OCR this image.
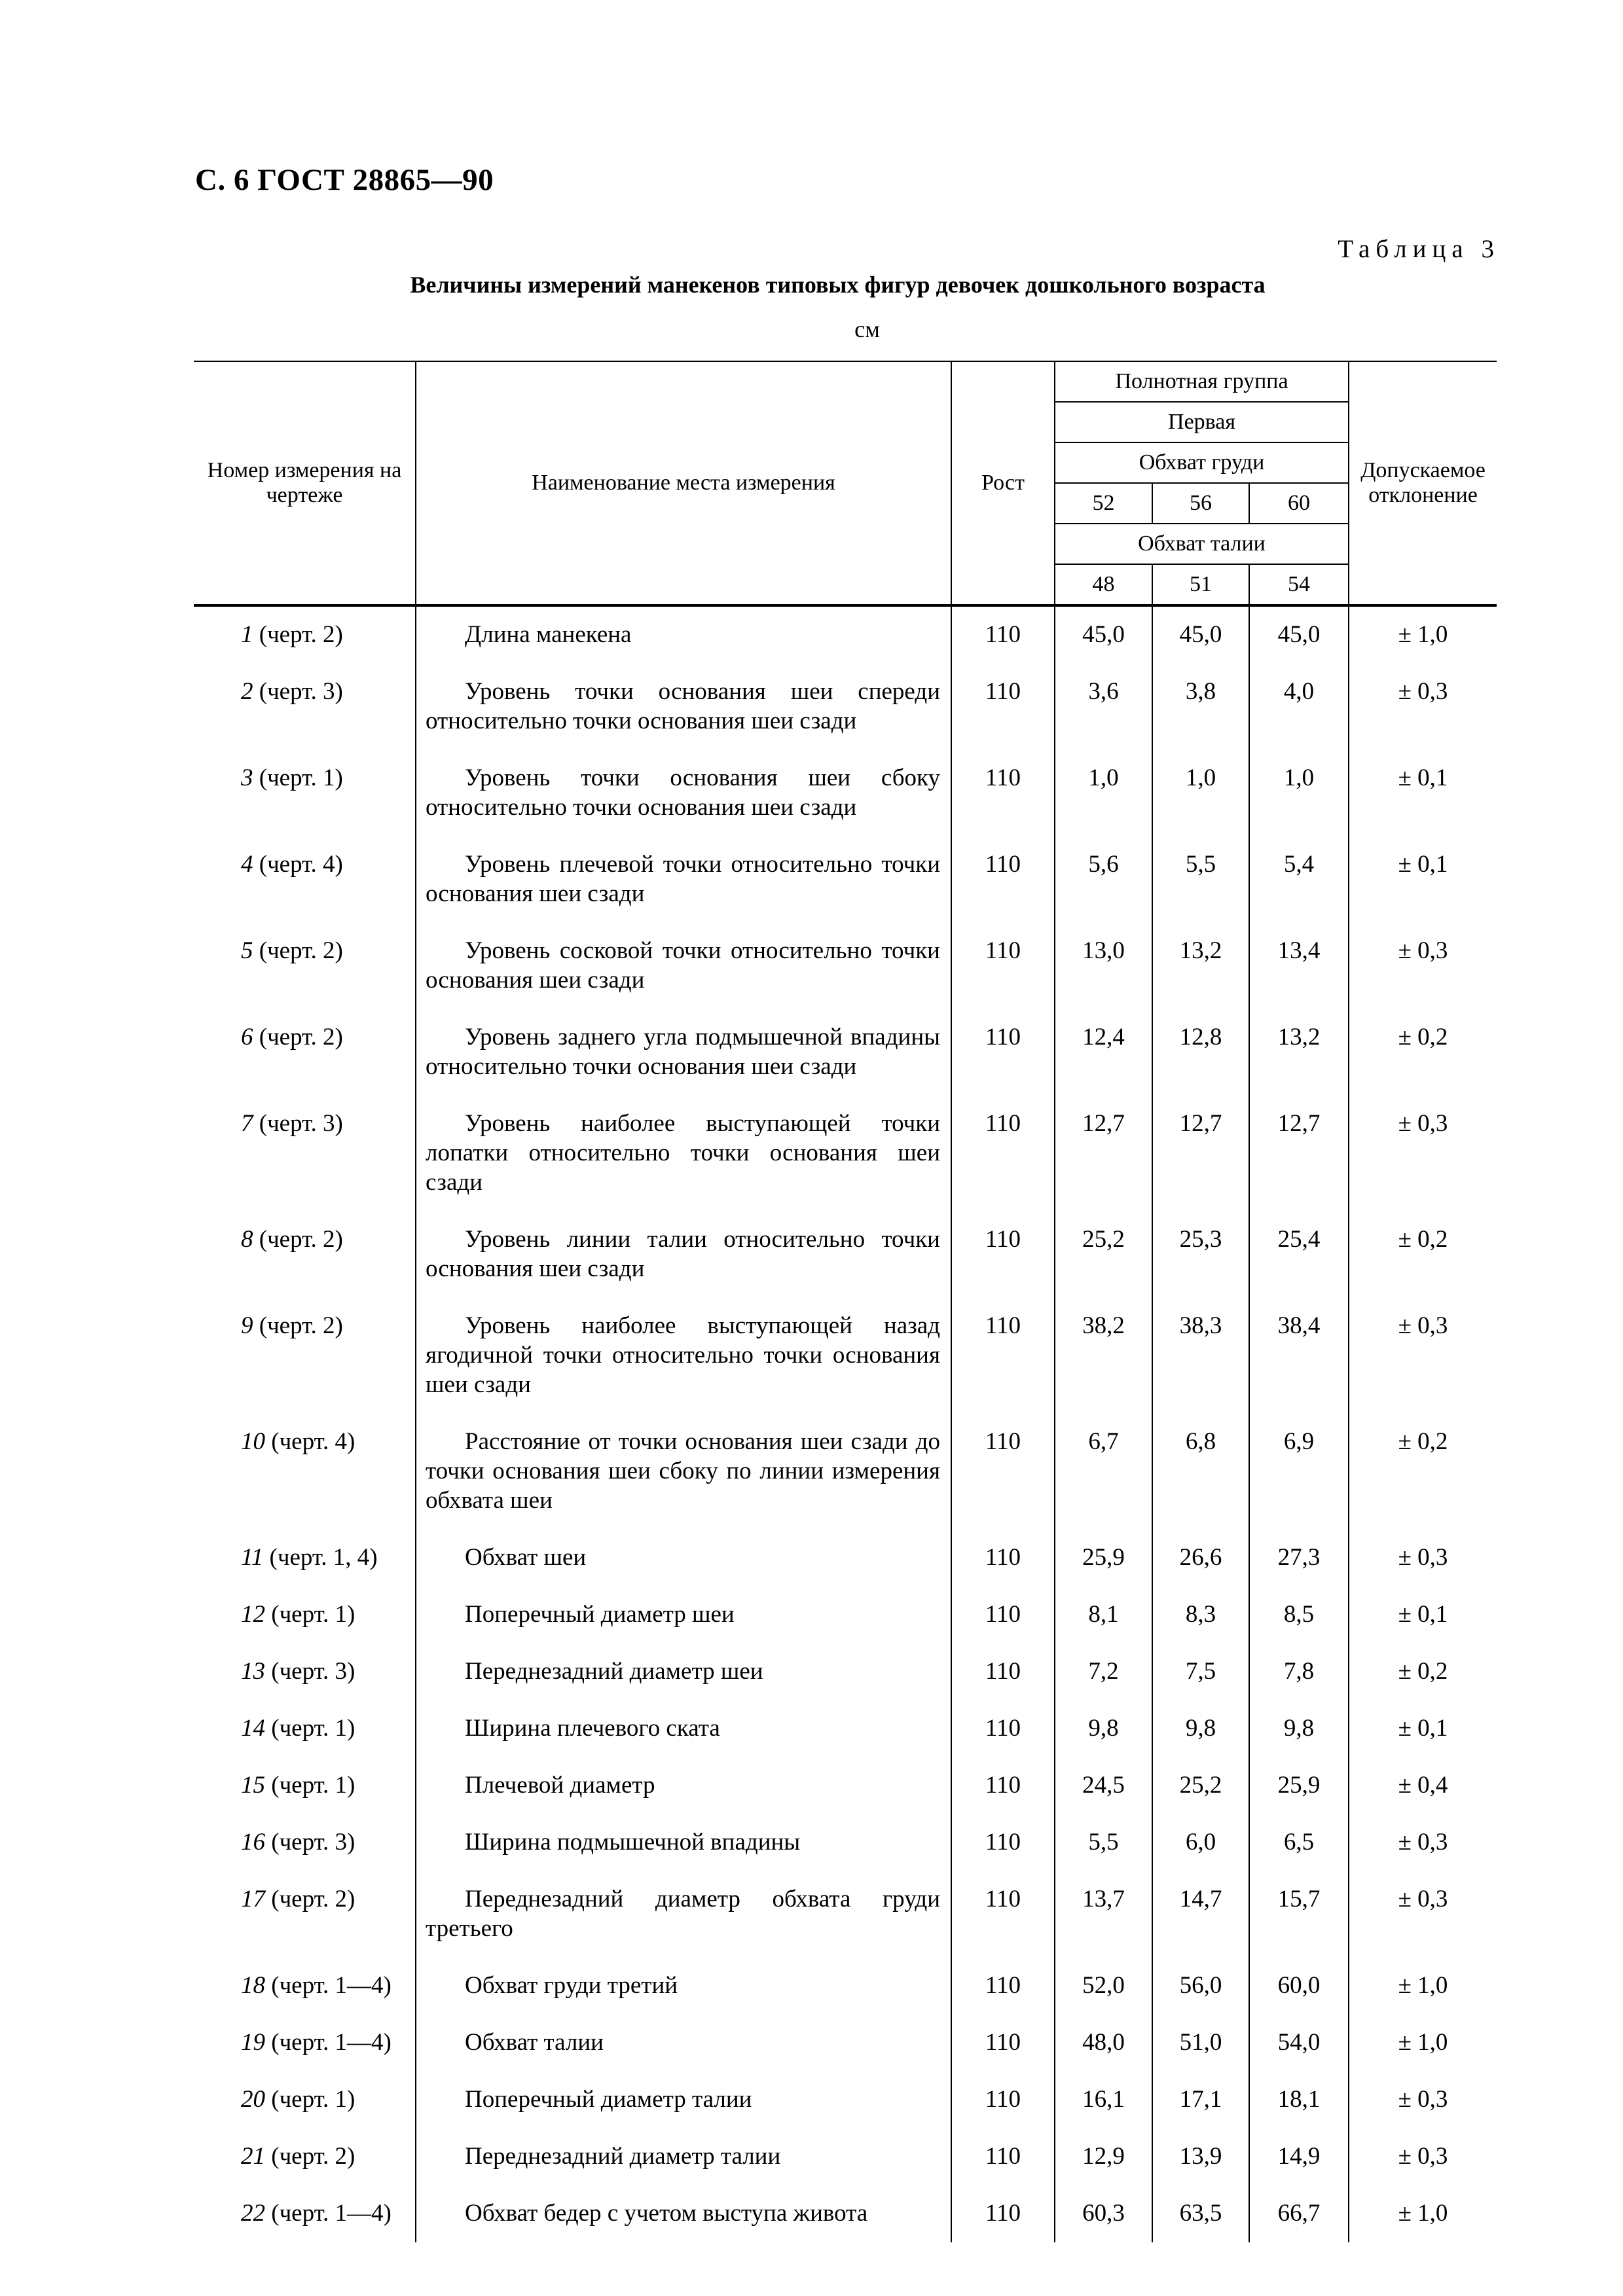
С. 6 ГОСТ 28865—90
Таблица 3
Величины измерений манекенов типовых фигур девочек дошкольного возраста
см
Номер измерения на чертеже	Наименование места измерения	Рост	Полнотная группа			Допускаемое отклонение
			Первая			
			Обхват груди			
			52	56	60	
			Обхват талии			
			48	51	54	
1 (черт. 2)	Длина манекена	110	45,0	45,0	45,0	± 1,0
2 (черт. 3)	Уровень точки основания шеи спереди относительно точки основания шеи сзади	110	3,6	3,8	4,0	± 0,3
3 (черт. 1)	Уровень точки основания шеи сбоку относительно точки основания шеи сзади	110	1,0	1,0	1,0	± 0,1
4 (черт. 4)	Уровень плечевой точки относительно точки основания шеи сзади	110	5,6	5,5	5,4	± 0,1
5 (черт. 2)	Уровень сосковой точки относительно точки основания шеи сзади	110	13,0	13,2	13,4	± 0,3
6 (черт. 2)	Уровень заднего угла подмышечной впадины относительно точки основания шеи сзади	110	12,4	12,8	13,2	± 0,2
7 (черт. 3)	Уровень наиболее выступающей точки лопатки относительно точки основания шеи сзади	110	12,7	12,7	12,7	± 0,3
8 (черт. 2)	Уровень линии талии относительно точки основания шеи сзади	110	25,2	25,3	25,4	± 0,2
9 (черт. 2)	Уровень наиболее выступающей назад ягодичной точки относительно точки основания шеи сзади	110	38,2	38,3	38,4	± 0,3
10 (черт. 4)	Расстояние от точки основания шеи сзади до точки основания шеи сбоку по линии измерения обхвата шеи	110	6,7	6,8	6,9	± 0,2
11 (черт. 1, 4)	Обхват шеи	110	25,9	26,6	27,3	± 0,3
12 (черт. 1)	Поперечный диаметр шеи	110	8,1	8,3	8,5	± 0,1
13 (черт. 3)	Переднезадний диаметр шеи	110	7,2	7,5	7,8	± 0,2
14 (черт. 1)	Ширина плечевого ската	110	9,8	9,8	9,8	± 0,1
15 (черт. 1)	Плечевой диаметр	110	24,5	25,2	25,9	± 0,4
16 (черт. 3)	Ширина подмышечной впадины	110	5,5	6,0	6,5	± 0,3
17 (черт. 2)	Переднезадний диаметр обхвата груди третьего	110	13,7	14,7	15,7	± 0,3
18 (черт. 1—4)	Обхват груди третий	110	52,0	56,0	60,0	± 1,0
19 (черт. 1—4)	Обхват талии	110	48,0	51,0	54,0	± 1,0
20 (черт. 1)	Поперечный диаметр талии	110	16,1	17,1	18,1	± 0,3
21 (черт. 2)	Переднезадний диаметр талии	110	12,9	13,9	14,9	± 0,3
22 (черт. 1—4)	Обхват бедер с учетом выступа живота	110	60,3	63,5	66,7	± 1,0
